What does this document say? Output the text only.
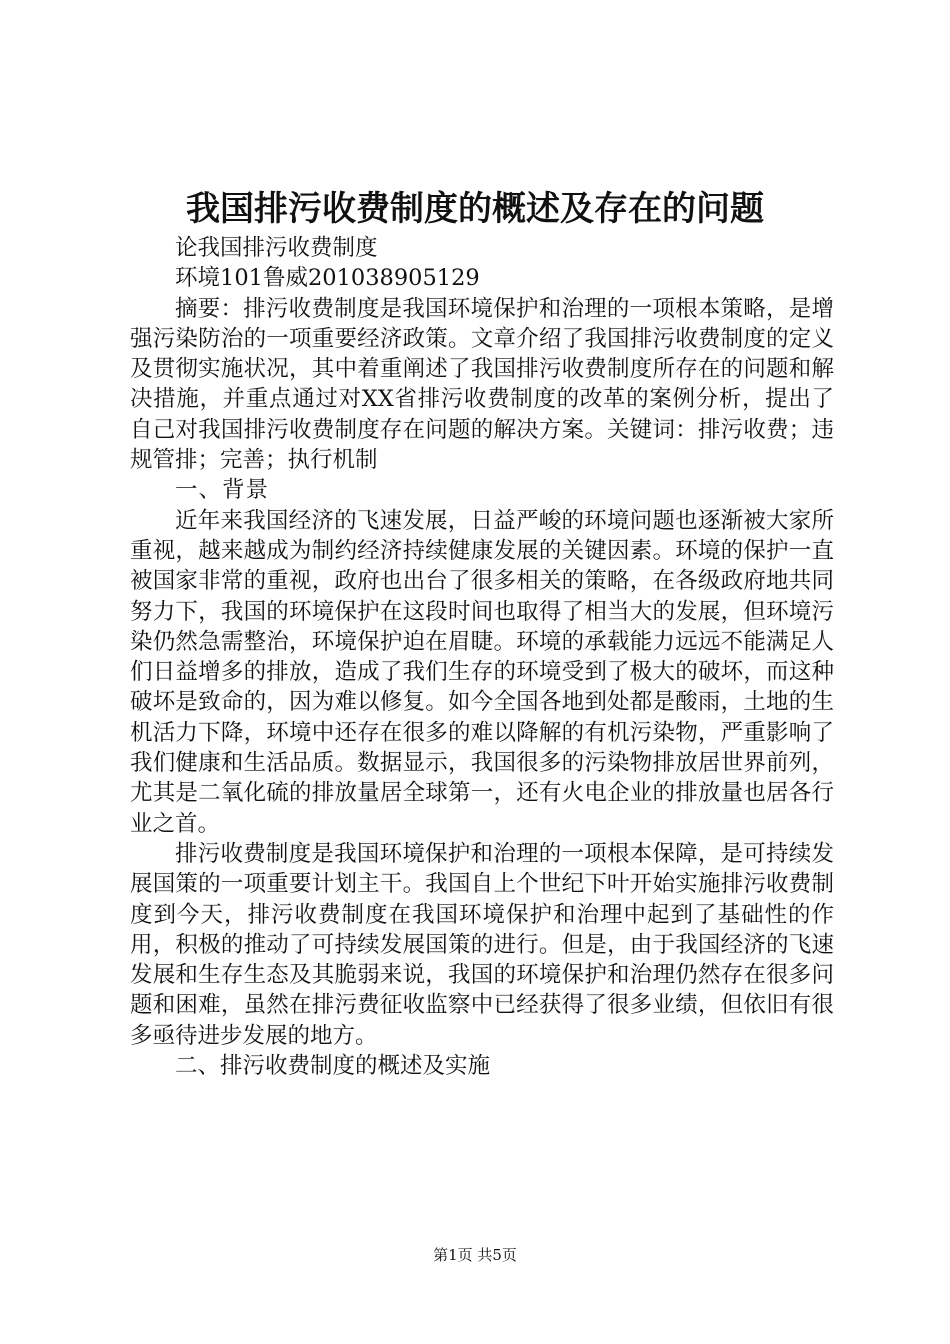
我国排污收费制度的概述及存在的问题

论我国排污收费制度

环境101鲁威201038905129

摘要：排污收费制度是我国环境保护和治理的一项根本策略，是增强污染防治的一项重要经济政策。文章介绍了我国排污收费制度的定义及贯彻实施状况，其中着重阐述了我国排污收费制度所存在的问题和解决措施，并重点通过对XX省排污收费制度的改革的案例分析，提出了自己对我国排污收费制度存在问题的解决方案。关键词：排污收费；违规管排；完善；执行机制

一、背景

近年来我国经济的飞速发展，日益严峻的环境问题也逐渐被大家所重视，越来越成为制约经济持续健康发展的关键因素。环境的保护一直被国家非常的重视，政府也出台了很多相关的策略，在各级政府地共同努力下，我国的环境保护在这段时间也取得了相当大的发展，但环境污染仍然急需整治，环境保护迫在眉睫。环境的承载能力远远不能满足人们日益增多的排放，造成了我们生存的环境受到了极大的破坏，而这种破坏是致命的，因为难以修复。如今全国各地到处都是酸雨，土地的生机活力下降，环境中还存在很多的难以降解的有机污染物，严重影响了我们健康和生活品质。数据显示，我国很多的污染物排放居世界前列，尤其是二氧化硫的排放量居全球第一，还有火电企业的排放量也居各行业之首。

排污收费制度是我国环境保护和治理的一项根本保障，是可持续发展国策的一项重要计划主干。我国自上个世纪下叶开始实施排污收费制度到今天，排污收费制度在我国环境保护和治理中起到了基础性的作用，积极的推动了可持续发展国策的进行。但是，由于我国经济的飞速发展和生存生态及其脆弱来说，我国的环境保护和治理仍然存在很多问题和困难，虽然在排污费征收监察中已经获得了很多业绩，但依旧有很多亟待进步发展的地方。

二、排污收费制度的概述及实施

第1页 共5页
